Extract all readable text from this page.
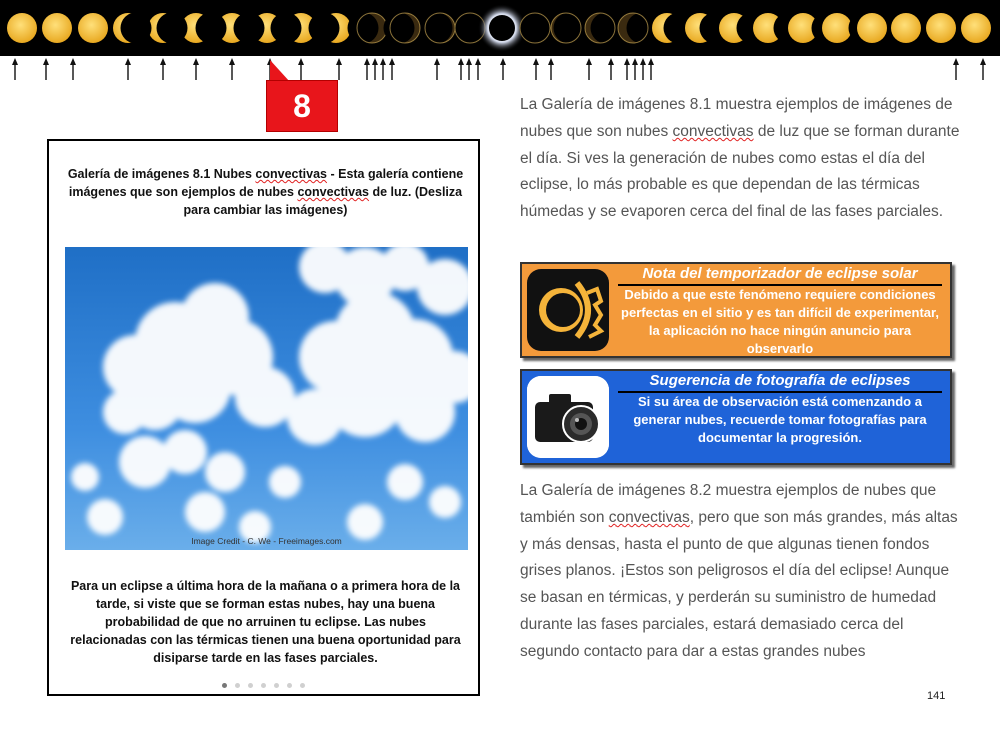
8
Galería de imágenes 8.1 Nubes convectivas - Esta galería contiene imágenes que son ejemplos de nubes convectivas de luz. (Desliza para cambiar las imágenes)
Image Credit - C. We - Freeimages.com
Para un eclipse a última hora de la mañana o a primera hora de la tarde, si viste que se forman estas nubes, hay una buena probabilidad de que no arruinen tu eclipse. Las nubes relacionadas con las térmicas tienen una buena oportunidad para disiparse tarde en las fases parciales.
La Galería de imágenes 8.1 muestra ejemplos de imágenes de nubes que son nubes convectivas de luz que se forman durante el día. Si ves la generación de nubes como estas el día del eclipse, lo más probable es que dependan de las térmicas húmedas y se evaporen cerca del final de las fases parciales.
Nota del temporizador de eclipse solar
Debido a que este fenómeno requiere condiciones perfectas en el sitio y es tan difícil de experimentar, la aplicación no hace ningún anuncio para observarlo
Sugerencia de fotografía de eclipses
Si su área de observación está comenzando a generar nubes, recuerde tomar fotografías para documentar la progresión.
La Galería de imágenes 8.2 muestra ejemplos de nubes que también son convectivas, pero que son más grandes, más altas y más densas, hasta el punto de que algunas tienen fondos grises planos. ¡Estos son peligrosos el día del eclipse! Aunque se basan en térmicas, y perderán su suministro de humedad durante las fases parciales, estará demasiado cerca del segundo contacto para dar a estas grandes nubes
141
